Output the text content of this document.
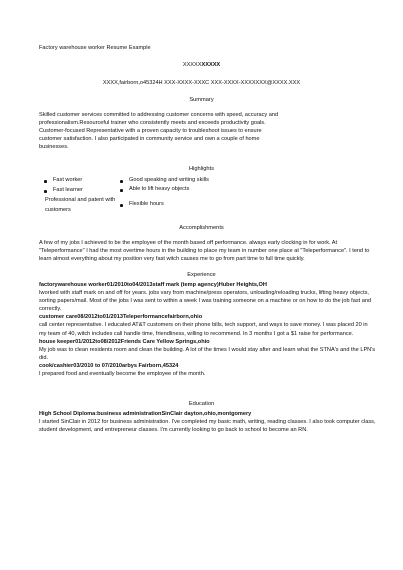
Factory warehouse worker Resume Example
XXXXXXXXXX
XXXX,fairborn,o45324H XXX-XXXX-XXXC XXX-XXXX-XXXXXXX@XXXX.XXX
Summary
Skilled customer services committed to addressing customer concerns with speed, accuracy and
professionalism.Resourceful trainer who consistently meets and exceeds productivity goals.
Customer-focused Representative with a proven capacity to troubleshoot issues to ensure
customer satisfaction. I also participated in community service and own a couple of home
businesses.
Highlights
Fast worker
Fast learner
Professional and patent with
customers
Good speaking and writing skills
Able to lift heavy objects
Flexible hours
Accomplishments
A few of my jobs I achieved to be the employee of the month based off performance. always early clocking in for work. At
"Teleperformance" I had the most overtime hours in the building to place my team in number one place at "Teleperformance". I tend to
learn almost everything about my position very fast witch causes me to go from part time to full time quickly.
Experience
factorywarehouse worker01/2010to04/2013staff mark (temp agency)Huber Heights,OH
Iworked with staff mark on and off for years. jobs vary from machine/press operators, unloading/reloading trucks, lifting heavy objects,
sorting papers/mail. Most of the jobs I was sent to within a week I was training someone on a machine or on how to do the job fast and
correctly.
customer care08/2012to01/2013Teleperformancefairborn,ohio
call center representative. I educated AT&T customers on their phone bills, tech support, and ways to save money. I was placed 20 in
my team of 40, witch includes call handle time, friendliness, willing to recommend. In 3 months I got a $1 raise for performance.
house keeper01/2012to08/2012Friends Care Yellow Springs,ohio
My job was to clean residents room and clean the building. A lot of the times I would stay after and learn what the STNA's and the LPN's
did.
cook/cashier03/2010 to 07/2010arbys Fairborn,45324
I prepared food and eventually become the employee of the month.
Education
High School Diploma:business administrationSinClair dayton,ohio,montgomery
I started SinClair in 2012 for business administration. I've completed my basic math, writing, reading classes. I also took computer class,
student development, and entrepreneur classes. I'm currently looking to go back to school to become an RN.
